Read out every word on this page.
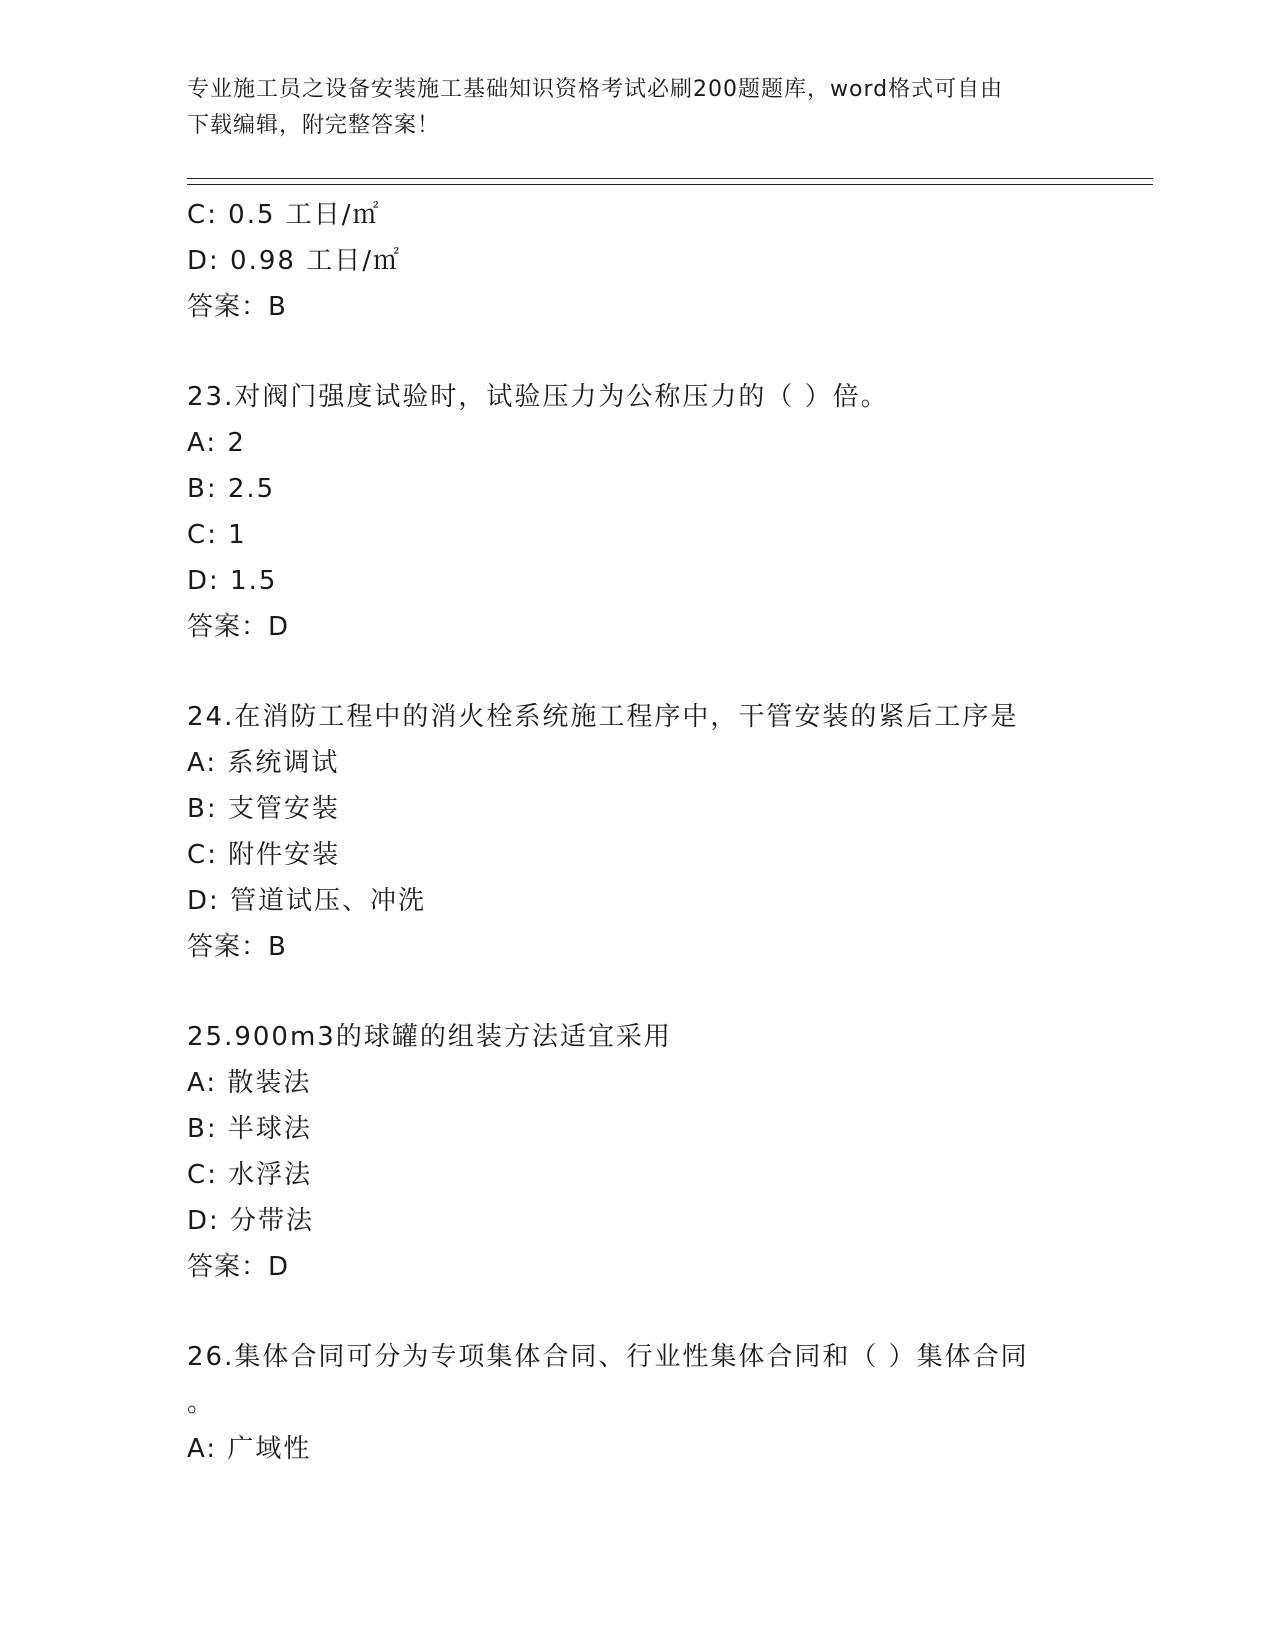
专业施工员之设备安装施工基础知识资格考试必刷200题题库，word格式可自由
下载编辑，附完整答案！
C: 0.5 工日/㎡
D: 0.98 工日/㎡
答案：B
23.对阀门强度试验时，试验压力为公称压力的（ ）倍。
A: 2
B: 2.5
C: 1
D: 1.5
答案：D
24.在消防工程中的消火栓系统施工程序中，干管安装的紧后工序是
A: 系统调试
B: 支管安装
C: 附件安装
D: 管道试压、冲洗
答案：B
25.900m3的球罐的组装方法适宜采用
A: 散装法
B: 半球法
C: 水浮法
D: 分带法
答案：D
26.集体合同可分为专项集体合同、行业性集体合同和（ ）集体合同
。
A: 广域性
